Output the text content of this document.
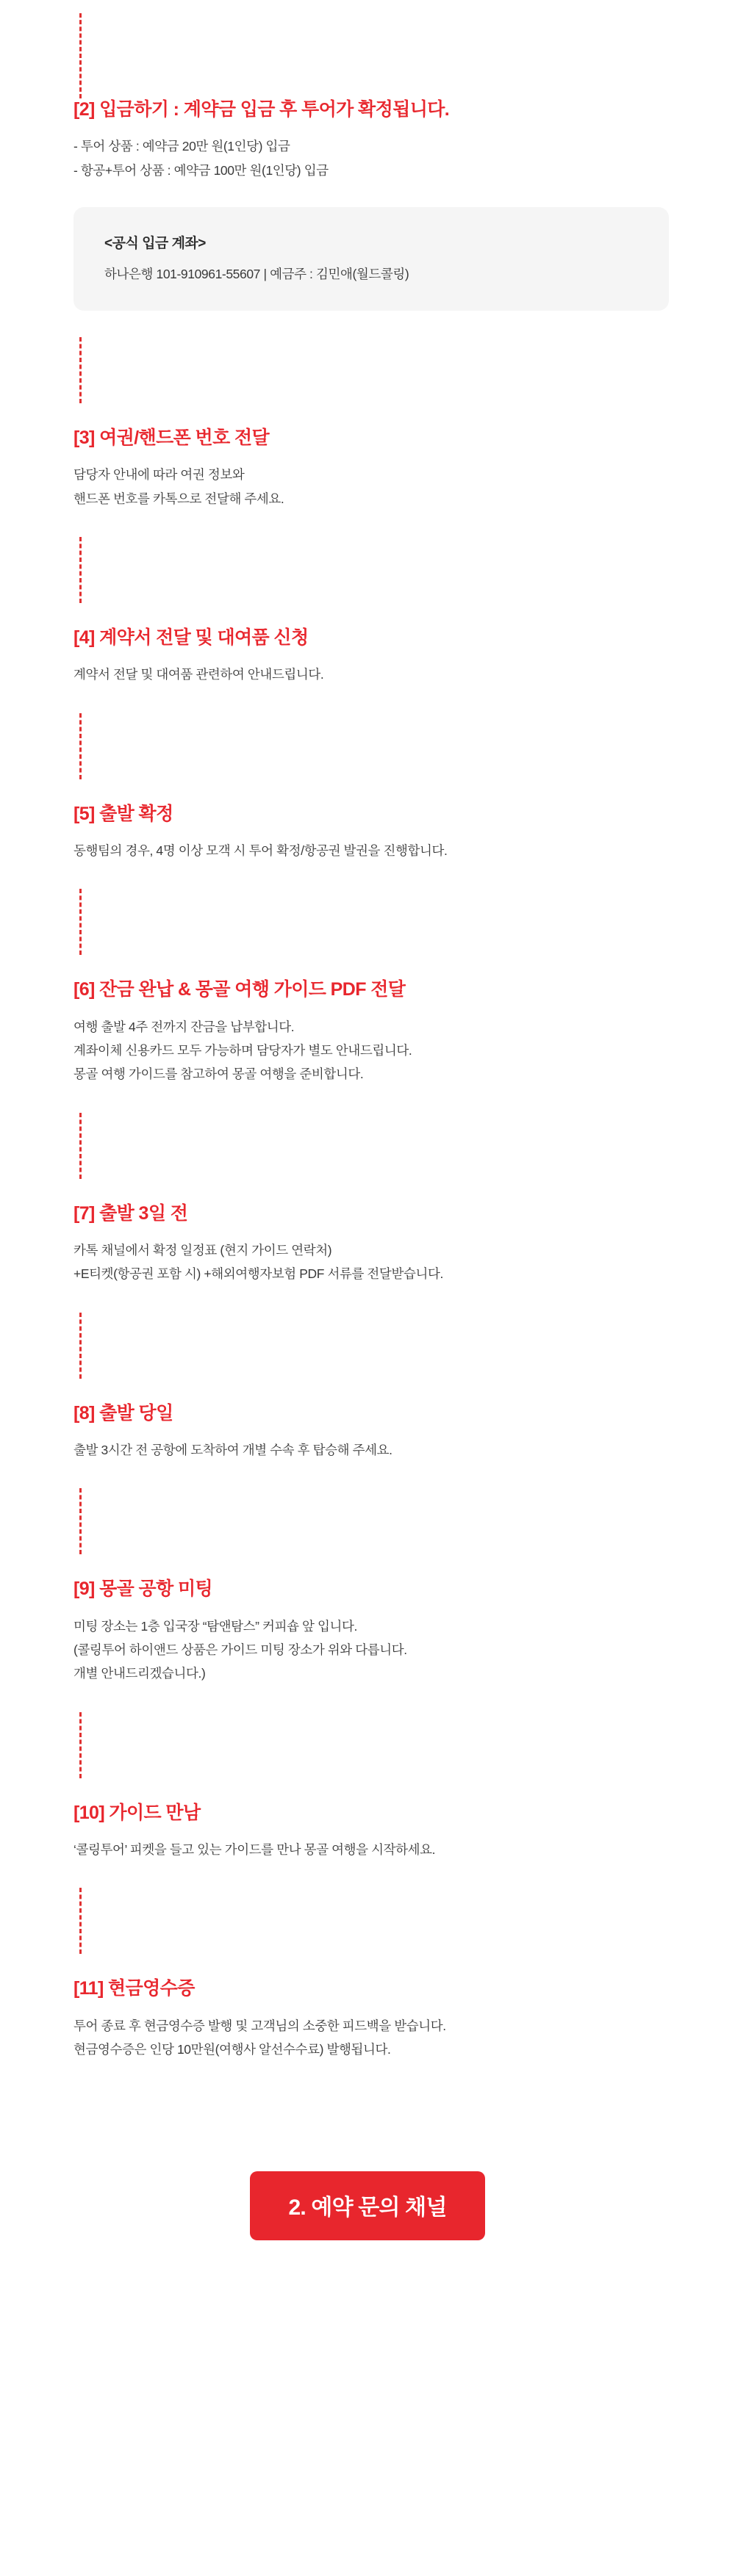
[2] 입금하기 : 계약금 입금 후 투어가 확정됩니다.
- 투어 상품 : 예약금 20만 원(1인당) 입금
- 항공+투어 상품 : 예약금 100만 원(1인당) 입금
<공식 입금 계좌>
하나은행 101-910961-55607 | 예금주 : 김민애(월드콜링)
[3] 여권/핸드폰 번호 전달
담당자 안내에 따라 여권 정보와
핸드폰 번호를 카톡으로 전달해 주세요.
[4] 계약서 전달 및 대여품 신청
계약서 전달 및 대여품 관련하여 안내드립니다.
[5] 출발 확정
동행팀의 경우, 4명 이상 모객 시 투어 확정/항공권 발권을 진행합니다.
[6] 잔금 완납 & 몽골 여행 가이드 PDF 전달
여행 출발 4주 전까지 잔금을 납부합니다.
계좌이체 신용카드 모두 가능하며 담당자가 별도 안내드립니다.
몽골 여행 가이드를 참고하여 몽골 여행을 준비합니다.
[7] 출발 3일 전
카톡 채널에서 확정 일정표 (현지 가이드 연락처)
+E티켓(항공권 포함 시) +해외여행자보험 PDF 서류를 전달받습니다.
[8] 출발 당일
출발 3시간 전 공항에 도착하여 개별 수속 후 탑승해 주세요.
[9] 몽골 공항 미팅
미팅 장소는 1층 입국장 “탐앤탐스” 커피숍 앞 입니다.
(콜링투어 하이앤드 상품은 가이드 미팅 장소가 위와 다릅니다.
개별 안내드리겠습니다.)
[10] 가이드 만남
‘콜링투어’ 피켓을 들고 있는 가이드를 만나 몽골 여행을 시작하세요.
[11] 현금영수증
투어 종료 후 현금영수증 발행 및 고객님의 소중한 피드백을 받습니다.
현금영수증은 인당 10만원(여행사 알선수수료) 발행됩니다.
2. 예약 문의 채널
